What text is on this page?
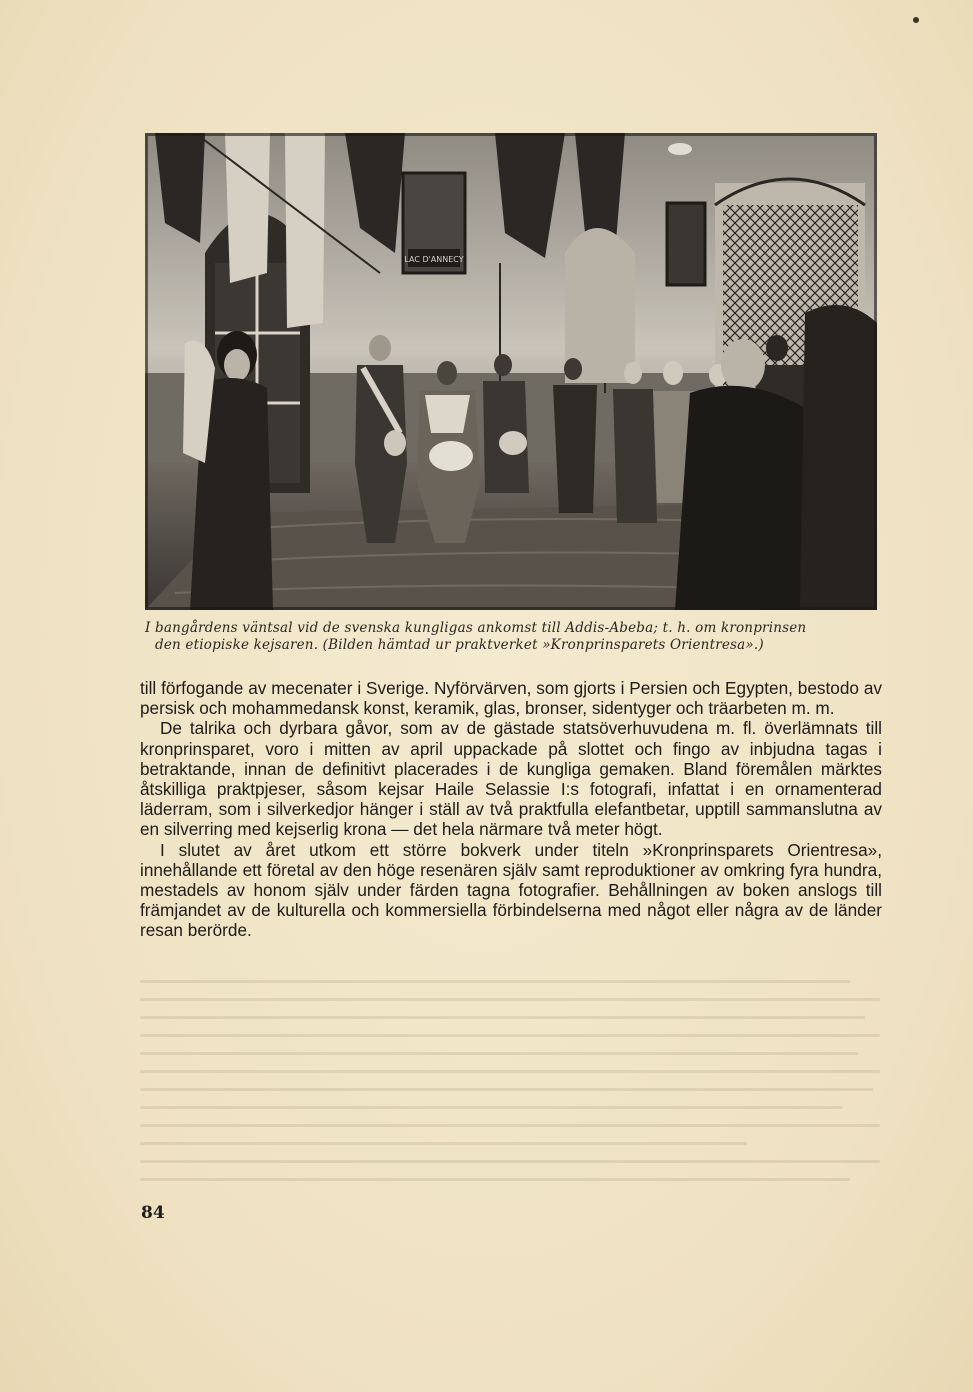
LAC D'ANNECY

I bangårdens väntsal vid de svenska kungligas ankomst till Addis-Abeba; t. h. om kronprinsen

den etiopiske kejsaren. (Bilden hämtad ur praktverket »Kronprinsparets Orientresa».)

till förfogande av mecenater i Sverige. Nyförvärven, som gjorts i Persien och Egypten, bestodo av persisk och mohammedansk konst, keramik, glas, bronser, sidentyger och träarbeten m. m.

De talrika och dyrbara gåvor, som av de gästade statsöverhuvudena m. fl. överlämnats till kronprinsparet, voro i mitten av april uppackade på slottet och fingo av inbjudna tagas i betraktande, innan de definitivt placerades i de kungliga gemaken. Bland föremålen märktes åtskilliga praktpjeser, såsom kejsar Haile Selassie I:s fotografi, infattat i en ornamenterad läderram, som i silverkedjor hänger i ställ av två praktfulla elefantbetar, upptill sammanslutna av en silverring med kejserlig krona — det hela närmare två meter högt.

I slutet av året utkom ett större bokverk under titeln »Kronprinsparets Orientresa», innehållande ett företal av den höge resenären själv samt reproduktioner av omkring fyra hundra, mestadels av honom själv under färden tagna fotografier. Behållningen av boken anslogs till främjandet av de kulturella och kommersiella förbindelserna med något eller några av de länder resan berörde.

84
